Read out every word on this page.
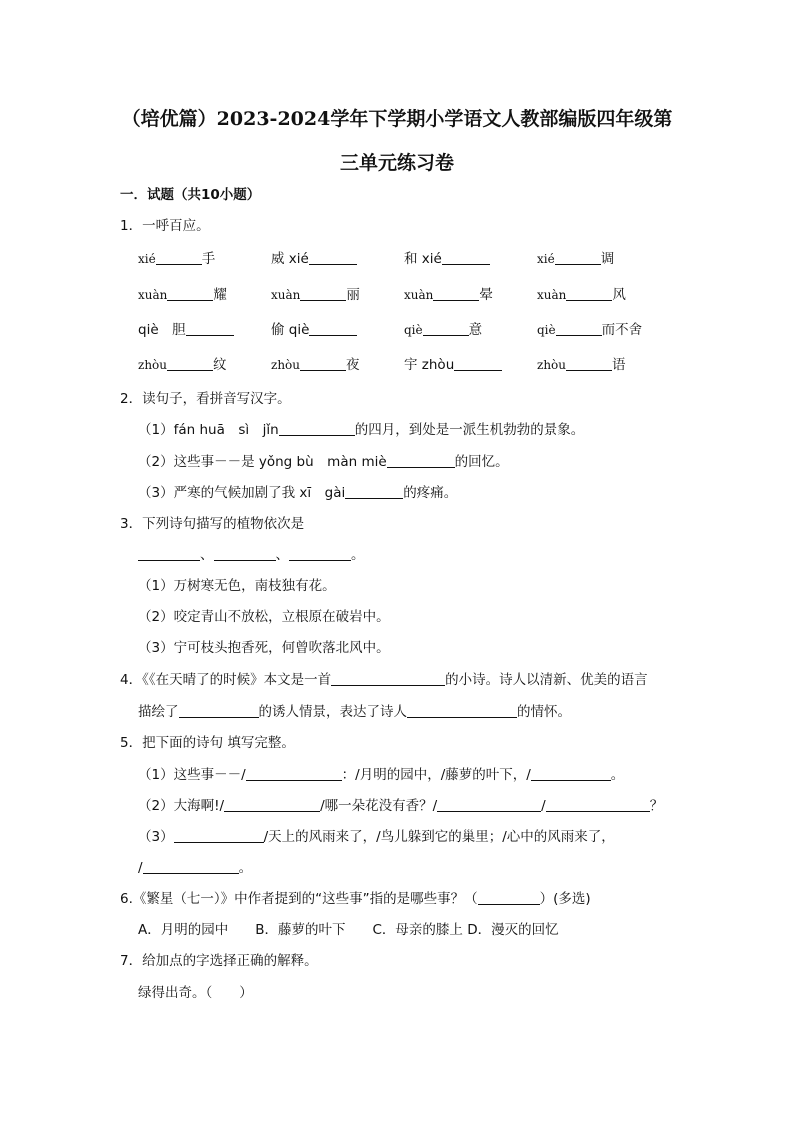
（培优篇）2023-2024学年下学期小学语文人教部编版四年级第
三单元练习卷
一．试题（共10小题）
1．一呼百应。
xié	手	威 xié	和 xié	xié	调
xuàn	耀	xuàn	丽	xuàn	晕	xuàn	风
qiè　胆	偷 qiè	qiè	意	qiè	而不舍
zhòu	纹	zhòu	夜	宇 zhòu	zhòu	语
2．读句子，看拼音写汉字。
（1）fán huā　sì　jǐn	的四月，到处是一派生机勃勃的景象。
（2）这些事－－是 yǒng bù　màn miè	的回忆。
（3）严寒的气候加剧了我 xī　gài	的疼痛。
3．下列诗句描写的植物依次是
、	、	。
（1）万树寒无色，南枝独有花。
（2）咬定青山不放松，立根原在破岩中。
（3）宁可枝头抱香死，何曾吹落北风中。
4．《《在天晴了的时候》本文是一首	的小诗。诗人以清新、优美的语言
描绘了	的诱人情景，表达了诗人	的情怀。
5．把下面的诗句 填写完整。
（1）这些事－－/	：/月明的园中，/藤萝的叶下，/	。
（2）大海啊!/	/哪一朵花没有香？/	/	？
（3）	/天上的风雨来了，/鸟儿躲到它的巢里；/心中的风雨来了，
/	。
6.《繁星（七一）》中作者提到的“这些事”指的是哪些事？（	）(多选)
A．月明的园中　　B．藤萝的叶下　　C．母亲的膝上 D．漫灭的回忆
7．给加点的字选择正确的解释。
绿得出奇。（　　）
